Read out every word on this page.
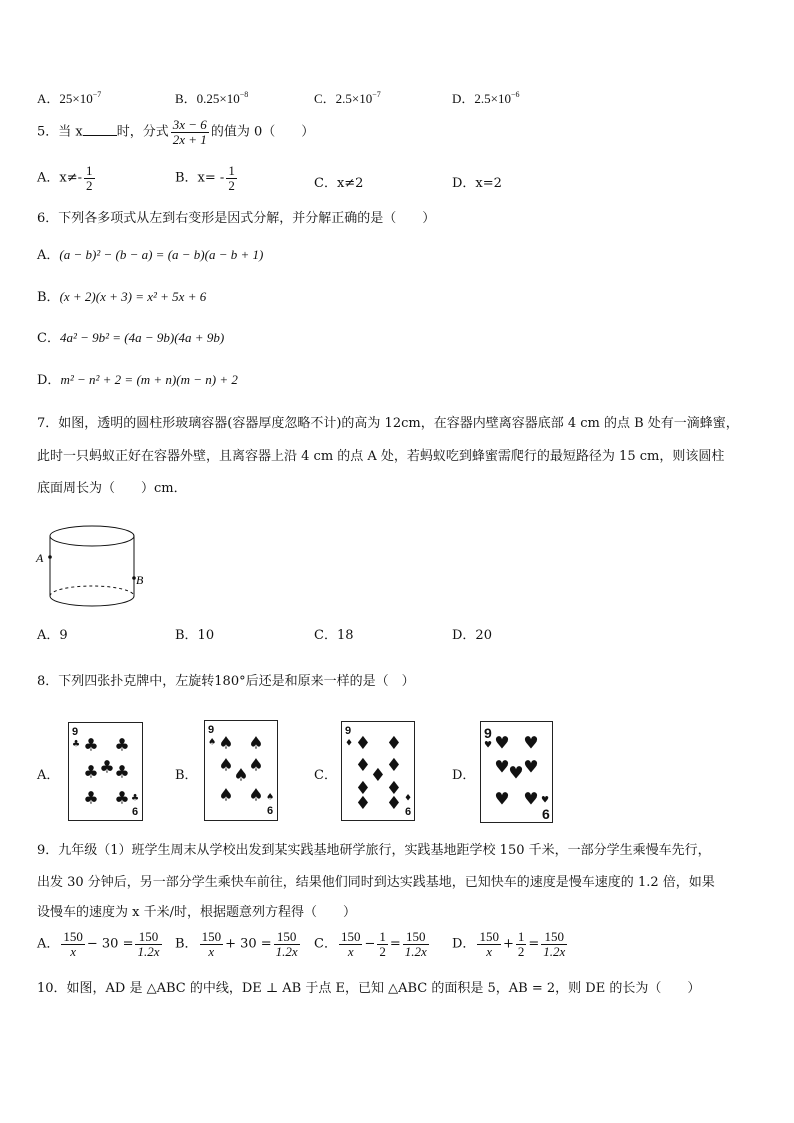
A．$25\times 10^{-7}$	B．$0.25\times 10^{-8}$	C．$2.5\times 10^{-7}$	D．$2.5\times 10^{-6}$
5．当 x	时，分式 $\frac{3x - 6}{2x + 1}$ 的值为 0（　　）
A．$x\ne- \frac{1}{2}$	B．$x= - \frac{1}{2}$	C．x≠2	D．x=2
6．下列各多项式从左到右变形是因式分解，并分解正确的是（　　）
A．(a − b)² − (b − a) = (a − b)(a − b + 1)
B．(x + 2)(x + 3) = x² + 5x + 6
C．4a² − 9b² = (4a − 9b)(4a + 9b)
D．m² − n² + 2 = (m + n)(m − n) + 2
7．如图，透明的圆柱形玻璃容器(容器厚度忽略不计)的高为 12cm，在容器内壁离容器底部 4 cm 的点 B 处有一滴蜂蜜，
此时一只蚂蚁正好在容器外壁，且离容器上沿 4 cm 的点 A 处，若蚂蚁吃到蜂蜜需爬行的最短路径为 15 cm，则该圆柱
底面周长为（　　）cm．
A
B
A．9	B．10	C．18	D．20
8．下列四张扑克牌中，左旋转180°后还是和原来一样的是（　）
A．	B．	C．	D．
9
♣ ♣ ♣
♣ ♣ ♣
♣ ♣ ♣
6
9
♠ ♠ ♠
♠ ♠
♠
♠ ♠ ♠
6
9
♦ ♦ ♦
♦ ♦
♦
♦ ♦
♦ ♦ ♦
6
9
♥ ♥ ♥
♥ ♥
♥
♥ ♥ ♥
6
9．九年级（1）班学生周末从学校出发到某实践基地研学旅行，实践基地距学校 150 千米，一部分学生乘慢车先行，
出发 30 分钟后，另一部分学生乘快车前往，结果他们同时到达实践基地，已知快车的速度是慢车速度的 1.2 倍，如果
设慢车的速度为 x 千米/时，根据题意列方程得（　　）
A． $\frac{150}{x} - 30 = \frac{150}{1.2x}$ B． $\frac{150}{x} + 30 = \frac{150}{1.2x}$ C． $\frac{150}{x} - \frac{1}{2} = \frac{150}{1.2x}$ D． $\frac{150}{x} + \frac{1}{2} = \frac{150}{1.2x}$
10．如图，AD 是 △ABC 的中线，DE ⊥ AB 于点 E，已知 △ABC 的面积是 5，AB = 2，则 DE 的长为（　　）
